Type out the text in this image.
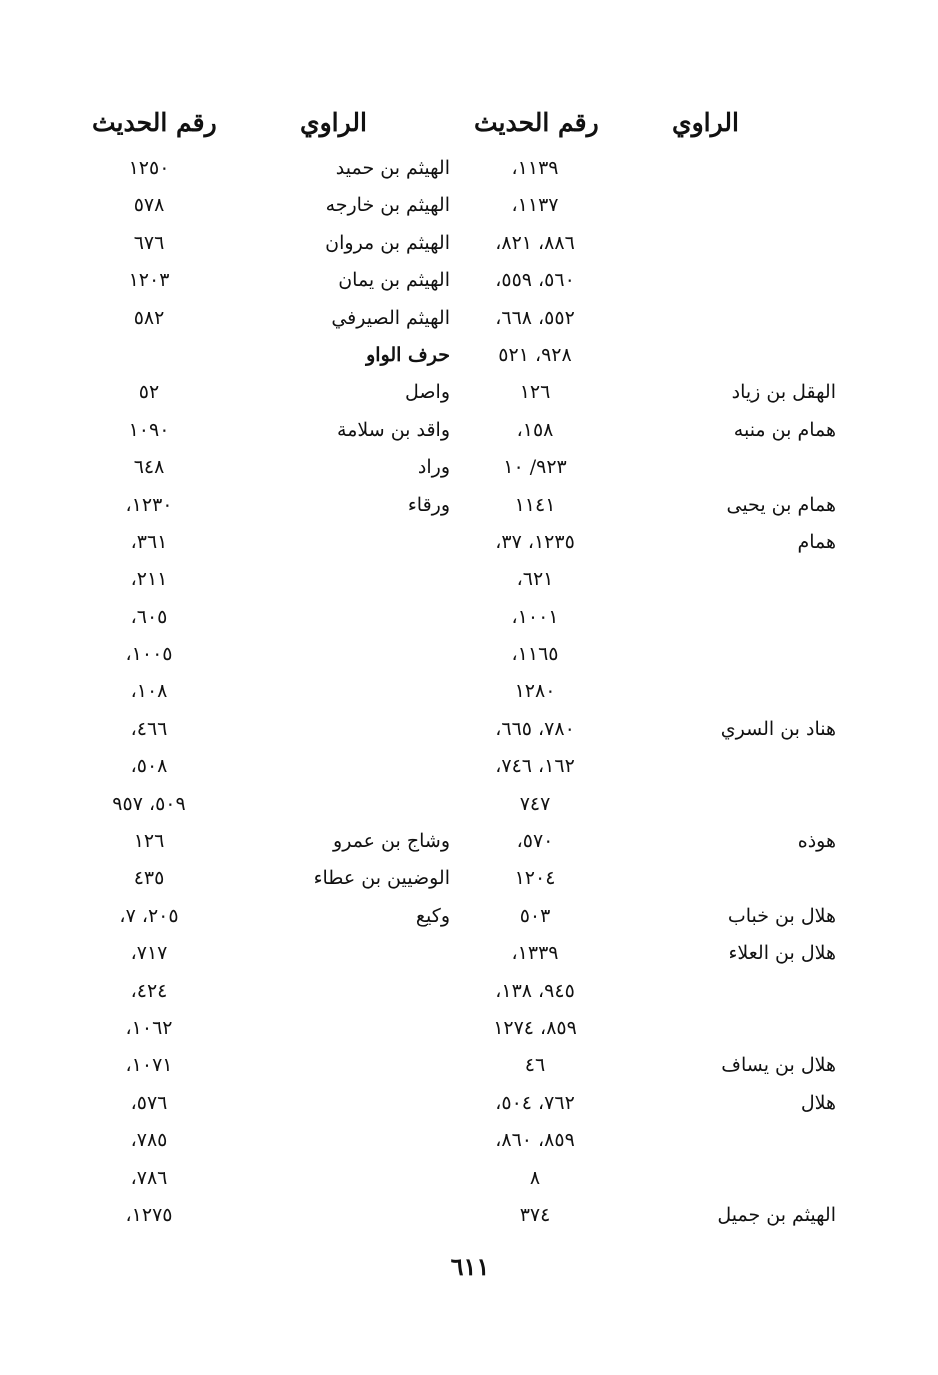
الراوي
رقم الحديث
الراوي
رقم الحديث
١١٣٩،
الهيثم بن حميد
١٢٥٠
١١٣٧،
الهيثم بن خارجه
٥٧٨
٨٨٦، ٨٢١،
الهيثم بن مروان
٦٧٦
٥٦٠، ٥٥٩،
الهيثم بن يمان
١٢٠٣
٥٥٢، ٦٦٨،
الهيثم الصيرفي
٥٨٢
٩٢٨، ٥٢١
حرف الواو
الهقل بن زياد
١٢٦
واصل
٥٢
همام بن منبه
١٥٨،
واقد بن سلامة
١٠٩٠
٩٢٣/ ١٠
وراد
٦٤٨
همام بن يحيى
١١٤١
ورقاء
١٢٣٠،
همام
١٢٣٥، ٣٧،
٣٦١،
٦٢١،
٢١١،
١٠٠١،
٦٠٥،
١١٦٥،
١٠٠٥،
١٢٨٠
١٠٨،
هناد بن السري
٧٨٠، ٦٦٥،
٤٦٦،
١٦٢، ٧٤٦،
٥٠٨،
٧٤٧
٥٠٩، ٩٥٧
هوذه
٥٧٠،
وشاج بن عمرو
١٢٦
١٢٠٤
الوضيين بن عطاء
٤٣٥
هلال بن خباب
٥٠٣
وكيع
٢٠٥، ٧،
هلال بن العلاء
١٣٣٩،
٧١٧،
٩٤٥، ١٣٨،
٤٢٤،
٨٥٩، ١٢٧٤
١٠٦٢،
هلال بن يساف
٤٦
١٠٧١،
هلال
٧٦٢، ٥٠٤،
٥٧٦،
٨٥٩، ٨٦٠،
٧٨٥،
٨
٧٨٦،
الهيثم بن جميل
٣٧٤
١٢٧٥،
٦١١
